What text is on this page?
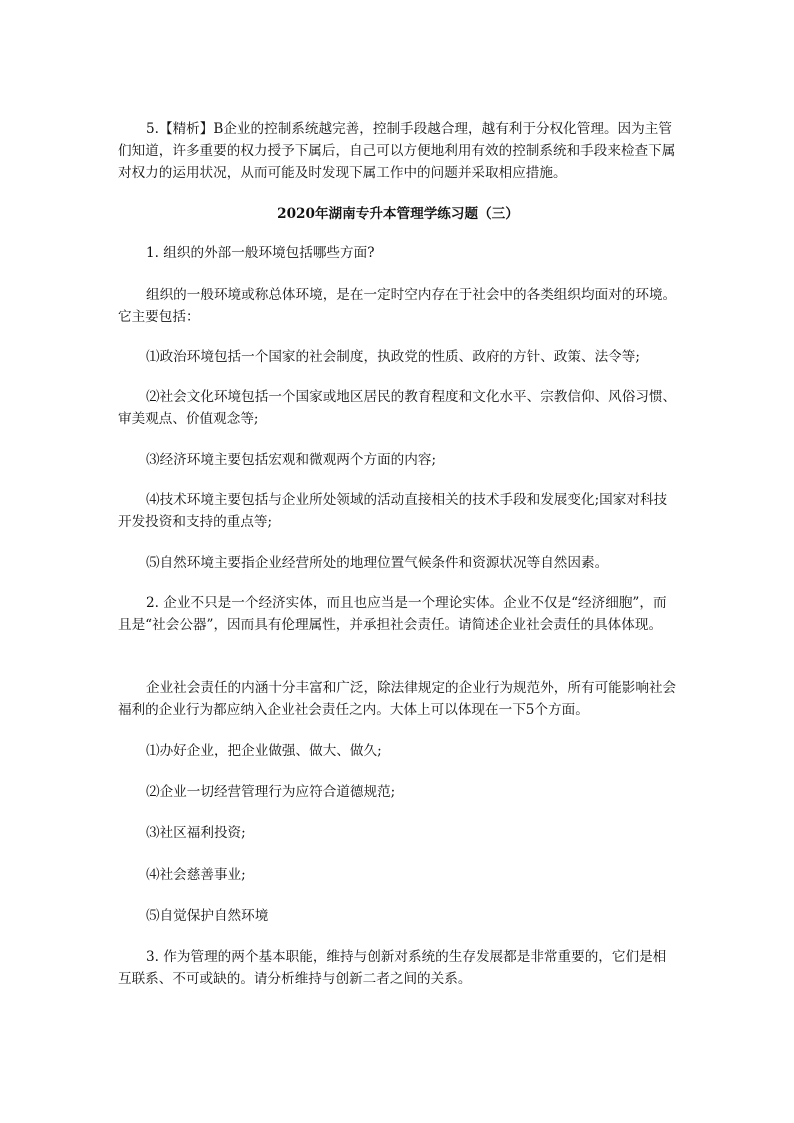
5.【精析】B企业的控制系统越完善，控制手段越合理，越有利于分权化管理。因为主管们知道，许多重要的权力授予下属后，自己可以方便地利用有效的控制系统和手段来检查下属对权力的运用状况，从而可能及时发现下属工作中的问题并采取相应措施。

2020年湖南专升本管理学练习题（三）

1. 组织的外部一般环境包括哪些方面?

组织的一般环境或称总体环境，是在一定时空内存在于社会中的各类组织均面对的环境。它主要包括：

⑴政治环境包括一个国家的社会制度，执政党的性质、政府的方针、政策、法令等;

⑵社会文化环境包括一个国家或地区居民的教育程度和文化水平、宗教信仰、风俗习惯、审美观点、价值观念等;

⑶经济环境主要包括宏观和微观两个方面的内容;

⑷技术环境主要包括与企业所处领域的活动直接相关的技术手段和发展变化;国家对科技开发投资和支持的重点等;

⑸自然环境主要指企业经营所处的地理位置气候条件和资源状况等自然因素。

2. 企业不只是一个经济实体，而且也应当是一个理论实体。企业不仅是“经济细胞”，而且是“社会公器”，因而具有伦理属性，并承担社会责任。请简述企业社会责任的具体体现。

企业社会责任的内涵十分丰富和广泛，除法律规定的企业行为规范外，所有可能影响社会福利的企业行为都应纳入企业社会责任之内。大体上可以体现在一下5个方面。

⑴办好企业，把企业做强、做大、做久;

⑵企业一切经营管理行为应符合道德规范;

⑶社区福利投资;

⑷社会慈善事业;

⑸自觉保护自然环境

3. 作为管理的两个基本职能，维持与创新对系统的生存发展都是非常重要的，它们是相互联系、不可或缺的。请分析维持与创新二者之间的关系。
